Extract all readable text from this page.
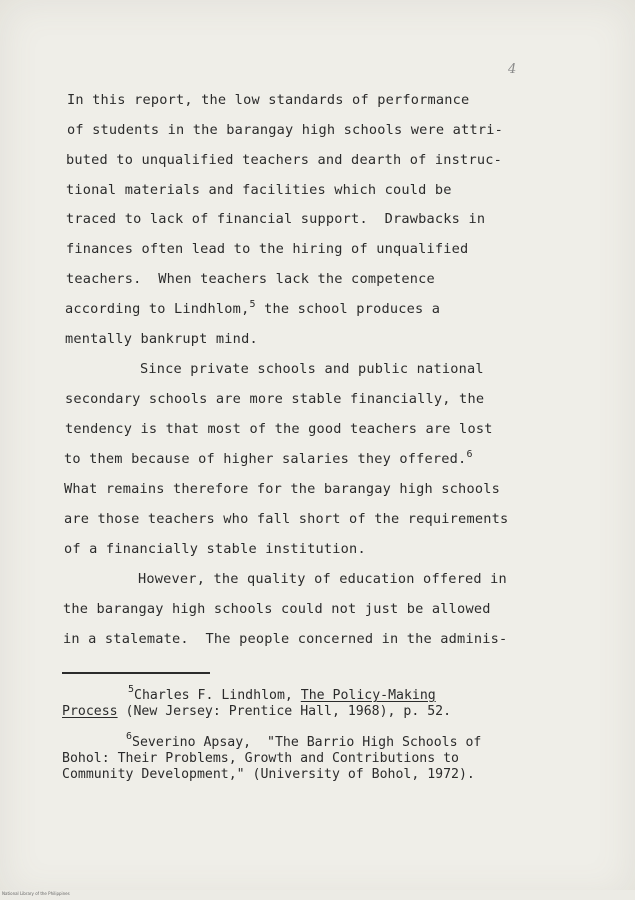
4
In this report, the low standards of performance
of students in the barangay high schools were attri-
buted to unqualified teachers and dearth of instruc-
tional materials and facilities which could be
traced to lack of financial support.  Drawbacks in
finances often lead to the hiring of unqualified
teachers.  When teachers lack the competence
according to Lindhlom,$^5$ the school produces a
mentally bankrupt mind.
Since private schools and public national
secondary schools are more stable financially, the
tendency is that most of the good teachers are lost
to them because of higher salaries they offered.$^6$
What remains therefore for the barangay high schools
are those teachers who fall short of the requirements
of a financially stable institution.
However, the quality of education offered in
the barangay high schools could not just be allowed
in a stalemate.  The people concerned in the adminis-
$^5$Charles F. Lindhlom, The Policy-Making
Process (New Jersey: Prentice Hall, 1968), p. 52.
$^6$Severino Apsay,  "The Barrio High Schools of
Bohol: Their Problems, Growth and Contributions to
Community Development," (University of Bohol, 1972).
National Library of the Philippines
